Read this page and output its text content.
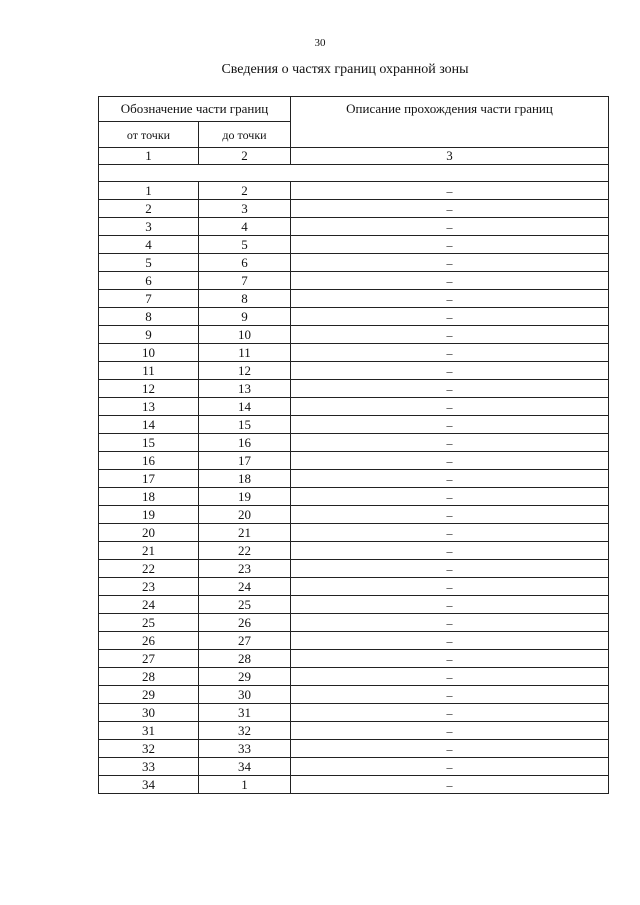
30
Сведения о частях границ охранной зоны
Обозначение части границ		Описание прохождения части границ
от точки	до точки	
1	2	3

1	2	–
2	3	–
3	4	–
4	5	–
5	6	–
6	7	–
7	8	–
8	9	–
9	10	–
10	11	–
11	12	–
12	13	–
13	14	–
14	15	–
15	16	–
16	17	–
17	18	–
18	19	–
19	20	–
20	21	–
21	22	–
22	23	–
23	24	–
24	25	–
25	26	–
26	27	–
27	28	–
28	29	–
29	30	–
30	31	–
31	32	–
32	33	–
33	34	–
34	1	–
